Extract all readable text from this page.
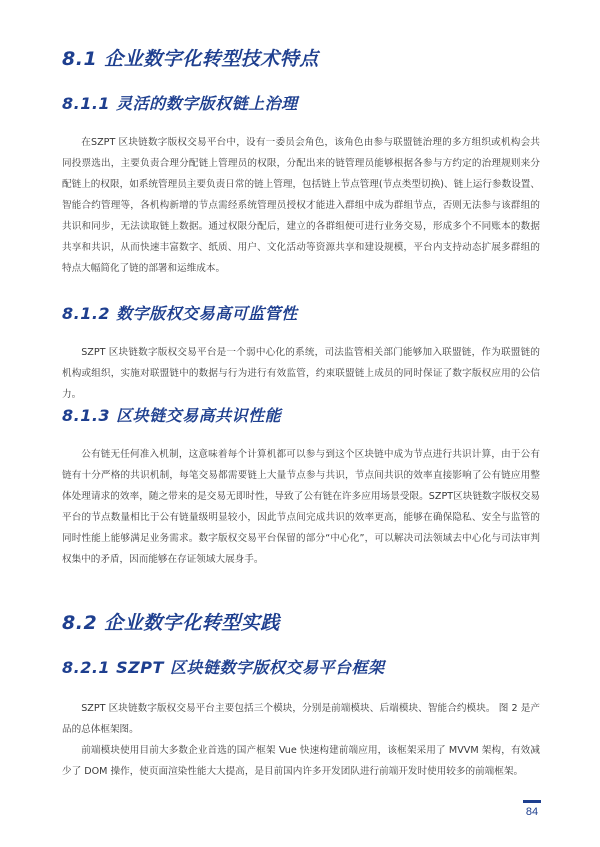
8.1 企业数字化转型技术特点
8.1.1 灵活的数字版权链上治理

在SZPT 区块链数字版权交易平台中，设有一委员会角色，该角色由参与联盟链治理的多方组织或机构会共同投票选出，主要负责合理分配链上管理员的权限，分配出来的链管理员能够根据各参与方约定的治理规则来分配链上的权限，如系统管理员主要负责日常的链上管理，包括链上节点管理(节点类型切换)、链上运行参数设置、智能合约管理等，各机构新增的节点需经系统管理员授权才能进入群组中成为群组节点，否则无法参与该群组的共识和同步，无法读取链上数据。通过权限分配后，建立的各群组便可进行业务交易，形成多个不同账本的数据共享和共识，从而快速丰富数字、纸质、用户、文化活动等资源共享和建设规模，平台内支持动态扩展多群组的特点大幅简化了链的部署和运维成本。

8.1.2 数字版权交易高可监管性

SZPT 区块链数字版权交易平台是一个弱中心化的系统，司法监管相关部门能够加入联盟链，作为联盟链的机构或组织，实施对联盟链中的数据与行为进行有效监管，约束联盟链上成员的同时保证了数字版权应用的公信力。

8.1.3 区块链交易高共识性能

公有链无任何准入机制，这意味着每个计算机都可以参与到这个区块链中成为节点进行共识计算，由于公有链有十分严格的共识机制，每笔交易都需要链上大量节点参与共识，节点间共识的效率直接影响了公有链应用整体处理请求的效率，随之带来的是交易无即时性，导致了公有链在许多应用场景受限。SZPT区块链数字版权交易平台的节点数量相比于公有链量级明显较小，因此节点间完成共识的效率更高，能够在确保隐私、安全与监管的同时性能上能够满足业务需求。数字版权交易平台保留的部分“中心化”，可以解决司法领域去中心化与司法审判权集中的矛盾，因而能够在存证领域大展身手。

8.2 企业数字化转型实践
8.2.1 SZPT 区块链数字版权交易平台框架

SZPT 区块链数字版权交易平台主要包括三个模块，分别是前端模块、后端模块、智能合约模块。 图 2 是产品的总体框架图。

前端模块使用目前大多数企业首选的国产框架 Vue 快速构建前端应用，该框架采用了 MVVM 架构，有效减少了 DOM 操作，使页面渲染性能大大提高，是目前国内许多开发团队进行前端开发时使用较多的前端框架。

84
